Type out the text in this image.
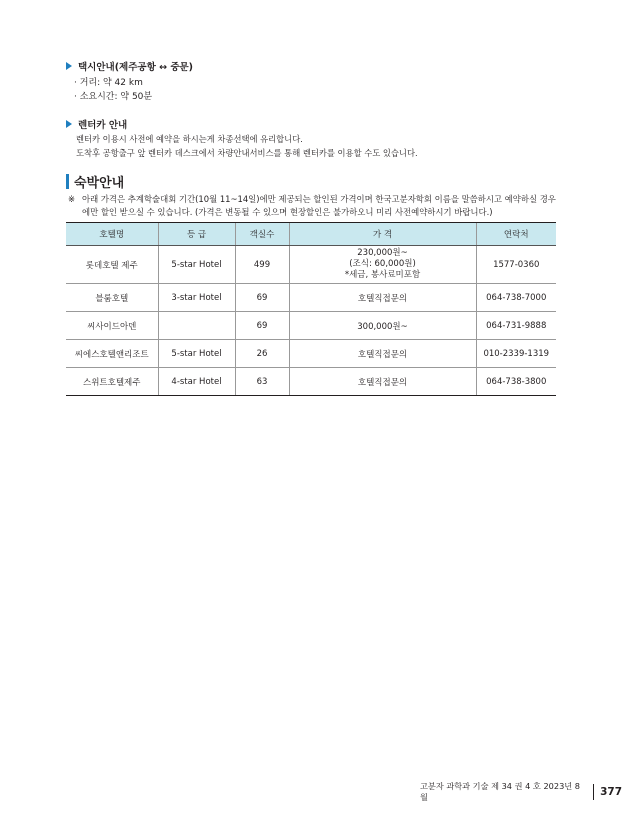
택시안내(제주공항 ↔ 중문)
· 거리: 약 42 km
· 소요시간: 약 50분
렌터카 안내
렌터카 이용시 사전에 예약을 하시는게 차종선택에 유리합니다.
도착후 공항출구 앞 렌터카 데스크에서 차량안내서비스를 통해 렌터카를 이용할 수도 있습니다.
숙박안내
※ 아래 가격은 추계학술대회 기간(10월 11~14일)에만 제공되는 할인된 가격이며 한국고분자학회 이름을 말씀하시고 예약하실 경우에만 할인 받으실 수 있습니다. (가격은 변동될 수 있으며 현장할인은 불가하오니 미리 사전예약하시기 바랍니다.)
호텔명	등 급	객실수	가 격	연락처
롯데호텔 제주	5-star Hotel	499	230,000원~
(조식: 60,000원)
*세금, 봉사료미포함	1577-0360
블룸호텔	3-star Hotel	69	호텔직접문의	064-738-7000
씨사이드아덴		69	300,000원~	064-731-9888
씨에스호텔앤리조트	5-star Hotel	26	호텔직접문의	010-2339-1319
스위트호텔제주	4-star Hotel	63	호텔직접문의	064-738-3800
고분자 과학과 기술 제 34 권 4 호 2023년 8월	377
